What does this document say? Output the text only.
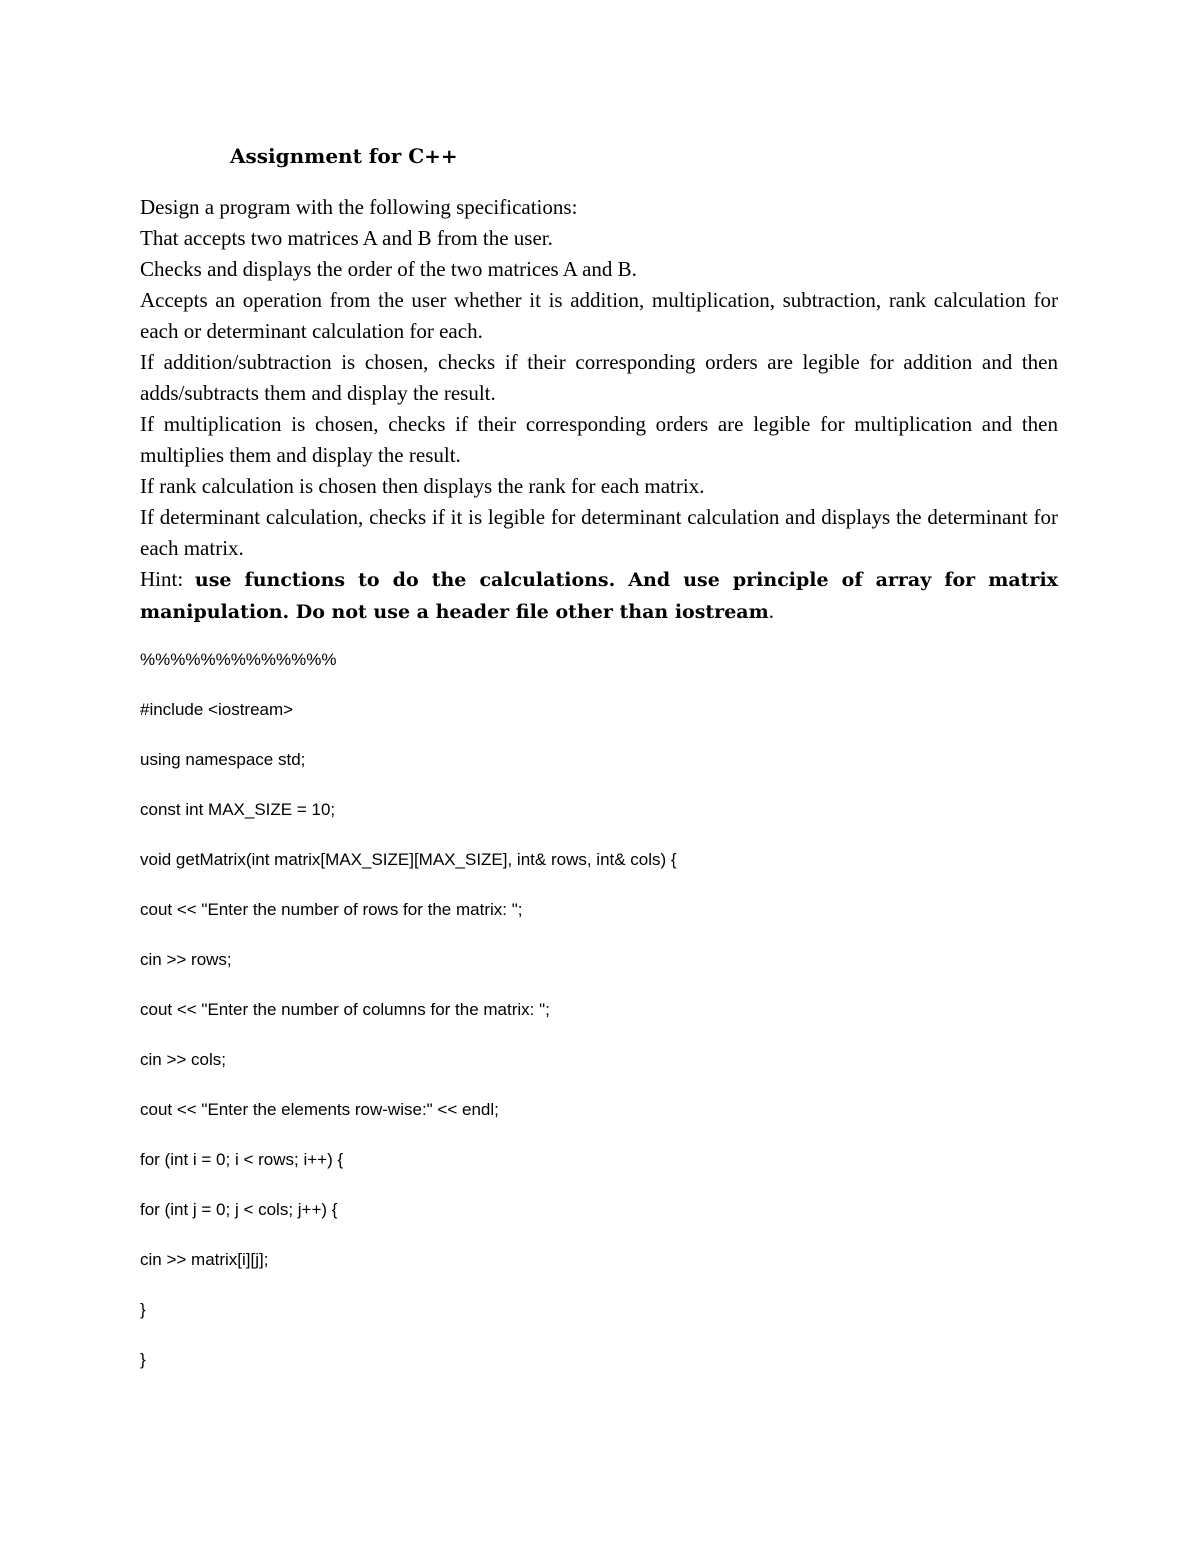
Assignment for C++

Design a program with the following specifications:

That accepts two matrices A and B from the user.

Checks and displays the order of the two matrices A and B.

Accepts an operation from the user whether it is addition, multiplication, subtraction, rank calculation for each or determinant calculation for each.

If addition/subtraction is chosen, checks if their corresponding orders are legible for addition and then adds/subtracts them and display the result.

If multiplication is chosen, checks if their corresponding orders are legible for multiplication and then multiplies them and display the result.

If rank calculation is chosen then displays the rank for each matrix.

If determinant calculation, checks if it is legible for determinant calculation and displays the determinant for each matrix.

Hint: use functions to do the calculations. And use principle of array for matrix manipulation. Do not use a header file other than iostream.

%%%%%%%%%%%%%
#include <iostream>
using namespace std;
const int MAX_SIZE = 10;
void getMatrix(int matrix[MAX_SIZE][MAX_SIZE], int& rows, int& cols) {
cout << "Enter the number of rows for the matrix: ";
cin >> rows;
cout << "Enter the number of columns for the matrix: ";
cin >> cols;
cout << "Enter the elements row-wise:" << endl;
for (int i = 0; i < rows; i++) {
for (int j = 0; j < cols; j++) {
cin >> matrix[i][j];
}
}
